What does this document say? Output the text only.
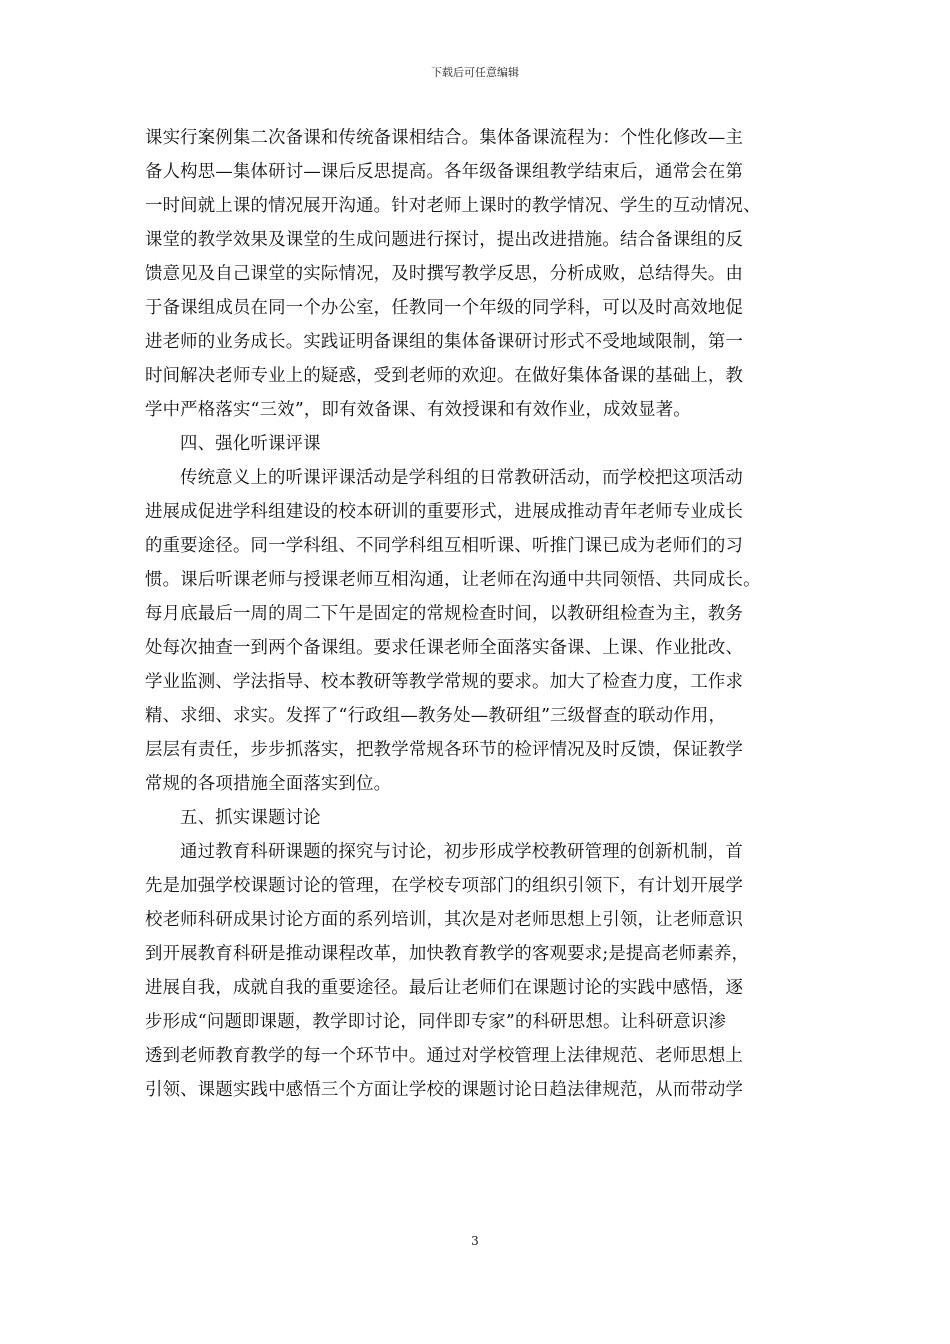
下载后可任意编辑
课实行案例集二次备课和传统备课相结合。集体备课流程为：个性化修改—主
备人构思—集体研讨—课后反思提高。各年级备课组教学结束后，通常会在第
一时间就上课的情况展开沟通。针对老师上课时的教学情况、学生的互动情况、
课堂的教学效果及课堂的生成问题进行探讨，提出改进措施。结合备课组的反
馈意见及自己课堂的实际情况，及时撰写教学反思，分析成败，总结得失。由
于备课组成员在同一个办公室，任教同一个年级的同学科，可以及时高效地促
进老师的业务成长。实践证明备课组的集体备课研讨形式不受地域限制，第一
时间解决老师专业上的疑惑，受到老师的欢迎。在做好集体备课的基础上，教
学中严格落实“三效”，即有效备课、有效授课和有效作业，成效显著。
四、强化听课评课
传统意义上的听课评课活动是学科组的日常教研活动，而学校把这项活动
进展成促进学科组建设的校本研训的重要形式，进展成推动青年老师专业成长
的重要途径。同一学科组、不同学科组互相听课、听推门课已成为老师们的习
惯。课后听课老师与授课老师互相沟通，让老师在沟通中共同领悟、共同成长。
每月底最后一周的周二下午是固定的常规检查时间，以教研组检查为主，教务
处每次抽查一到两个备课组。要求任课老师全面落实备课、上课、作业批改、
学业监测、学法指导、校本教研等教学常规的要求。加大了检查力度，工作求
精、求细、求实。发挥了“行政组—教务处—教研组”三级督查的联动作用，
层层有责任，步步抓落实，把教学常规各环节的检评情况及时反馈，保证教学
常规的各项措施全面落实到位。
五、抓实课题讨论
通过教育科研课题的探究与讨论，初步形成学校教研管理的创新机制，首
先是加强学校课题讨论的管理，在学校专项部门的组织引领下，有计划开展学
校老师科研成果讨论方面的系列培训，其次是对老师思想上引领，让老师意识
到开展教育科研是推动课程改革，加快教育教学的客观要求;是提高老师素养，
进展自我，成就自我的重要途径。最后让老师们在课题讨论的实践中感悟，逐
步形成“问题即课题，教学即讨论，同伴即专家”的科研思想。让科研意识渗
透到老师教育教学的每一个环节中。通过对学校管理上法律规范、老师思想上
引领、课题实践中感悟三个方面让学校的课题讨论日趋法律规范，从而带动学
3
